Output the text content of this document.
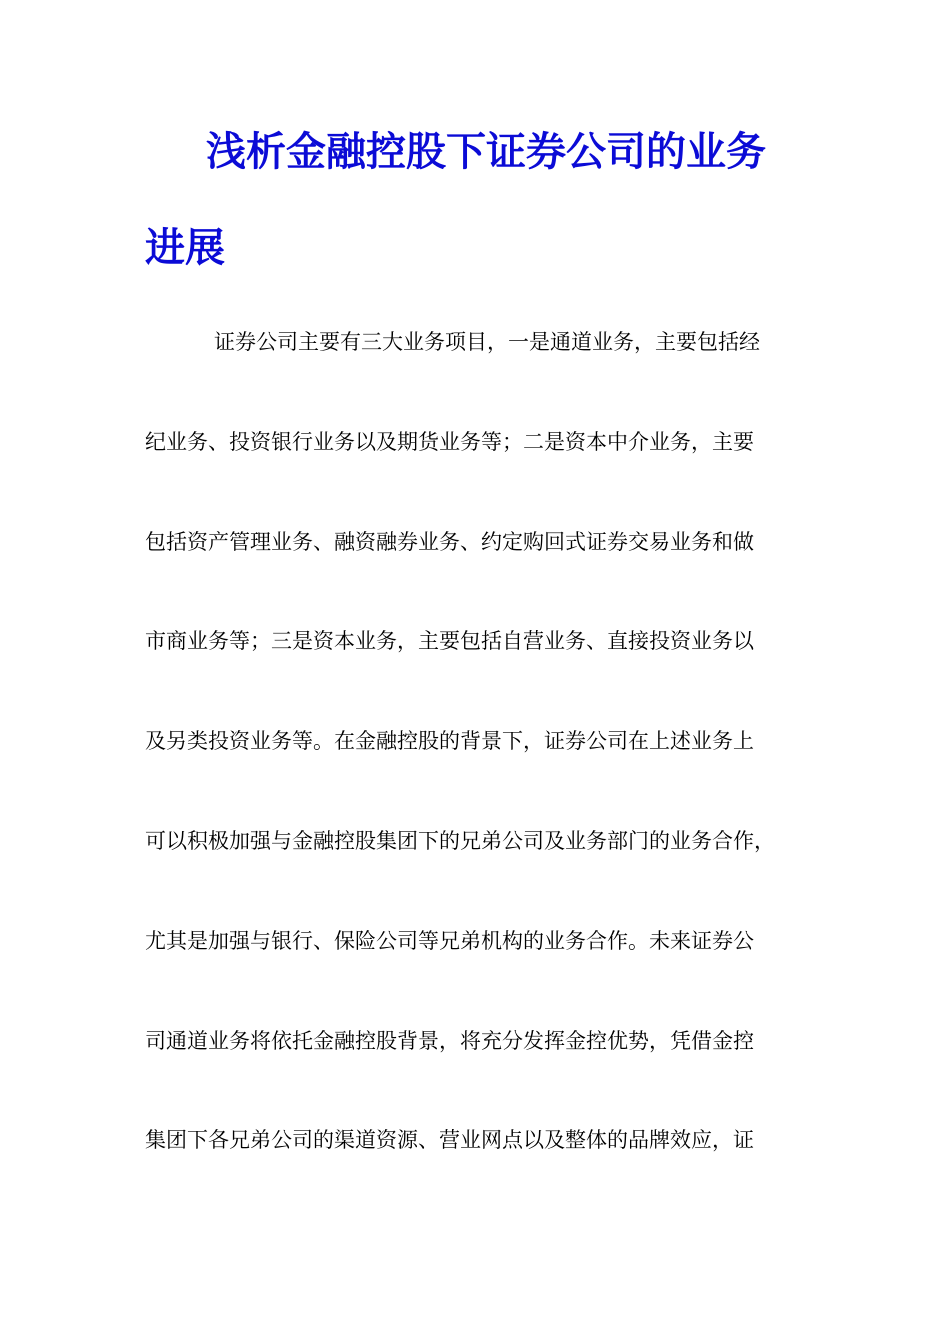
浅析金融控股下证券公司的业务
进展
证券公司主要有三大业务项目，一是通道业务，主要包括经
纪业务、投资银行业务以及期货业务等；二是资本中介业务，主要
包括资产管理业务、融资融券业务、约定购回式证券交易业务和做
市商业务等；三是资本业务，主要包括自营业务、直接投资业务以
及另类投资业务等。在金融控股的背景下，证券公司在上述业务上
可以积极加强与金融控股集团下的兄弟公司及业务部门的业务合作，
尤其是加强与银行、保险公司等兄弟机构的业务合作。未来证券公
司通道业务将依托金融控股背景，将充分发挥金控优势，凭借金控
集团下各兄弟公司的渠道资源、营业网点以及整体的品牌效应，证
